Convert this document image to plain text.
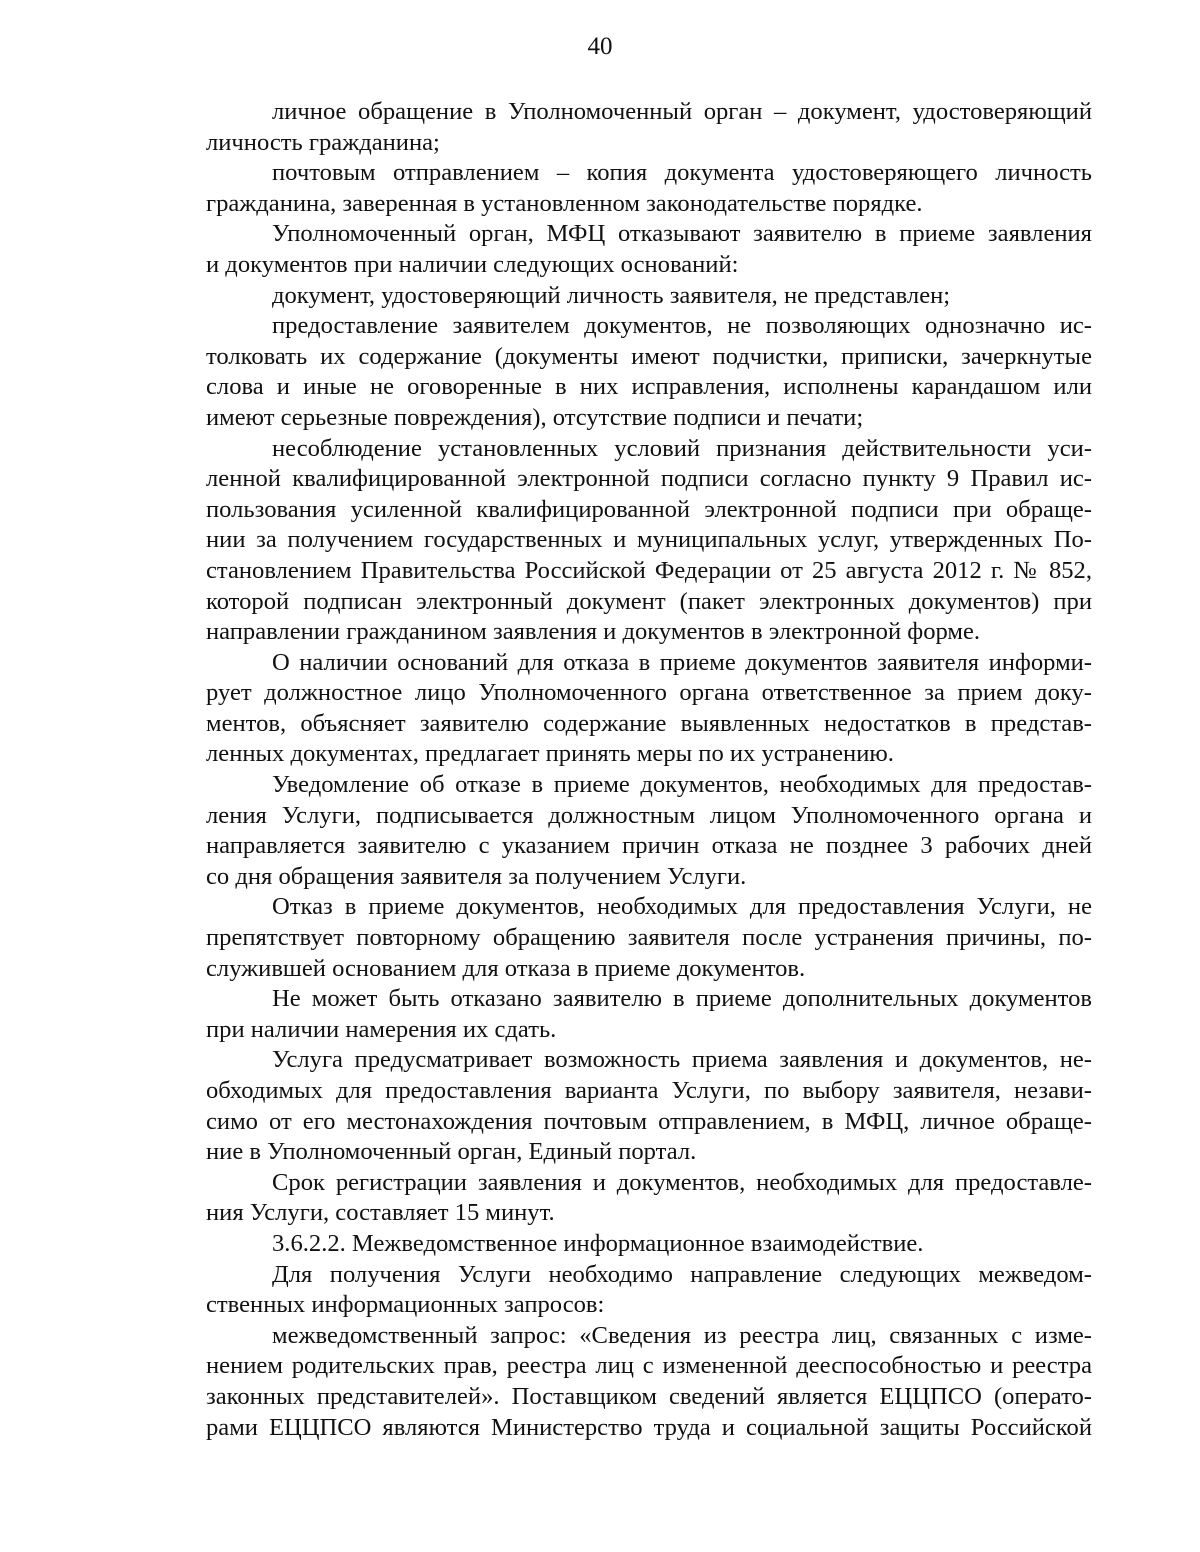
40
личное обращение в Уполномоченный орган – документ, удостоверяющий
личность гражданина;
почтовым отправлением – копия документа удостоверяющего личность
гражданина, заверенная в установленном законодательстве порядке.
Уполномоченный орган, МФЦ отказывают заявителю в приеме заявления
и документов при наличии следующих оснований:
документ, удостоверяющий личность заявителя, не представлен;
предоставление заявителем документов, не позволяющих однозначно ис-
толковать их содержание (документы имеют подчистки, приписки, зачеркнутые
слова и иные не оговоренные в них исправления, исполнены карандашом или
имеют серьезные повреждения), отсутствие подписи и печати;
несоблюдение установленных условий признания действительности уси-
ленной квалифицированной электронной подписи согласно пункту 9 Правил ис-
пользования усиленной квалифицированной электронной подписи при обраще-
нии за получением государственных и муниципальных услуг, утвержденных По-
становлением Правительства Российской Федерации от 25 августа 2012 г. № 852,
которой подписан электронный документ (пакет электронных документов) при
направлении гражданином заявления и документов в электронной форме.
О наличии оснований для отказа в приеме документов заявителя информи-
рует должностное лицо Уполномоченного органа ответственное за прием доку-
ментов, объясняет заявителю содержание выявленных недостатков в представ-
ленных документах, предлагает принять меры по их устранению.
Уведомление об отказе в приеме документов, необходимых для предостав-
ления Услуги, подписывается должностным лицом Уполномоченного органа и
направляется заявителю с указанием причин отказа не позднее 3 рабочих дней
со дня обращения заявителя за получением Услуги.
Отказ в приеме документов, необходимых для предоставления Услуги, не
препятствует повторному обращению заявителя после устранения причины, по-
служившей основанием для отказа в приеме документов.
Не может быть отказано заявителю в приеме дополнительных документов
при наличии намерения их сдать.
Услуга предусматривает возможность приема заявления и документов, не-
обходимых для предоставления варианта Услуги, по выбору заявителя, незави-
симо от его местонахождения почтовым отправлением, в МФЦ, личное обраще-
ние в Уполномоченный орган, Единый портал.
Срок регистрации заявления и документов, необходимых для предоставле-
ния Услуги, составляет 15 минут.
3.6.2.2. Межведомственное информационное взаимодействие.
Для получения Услуги необходимо направление следующих межведом-
ственных информационных запросов:
межведомственный запрос: «Сведения из реестра лиц, связанных с изме-
нением родительских прав, реестра лиц с измененной дееспособностью и реестра
законных представителей». Поставщиком сведений является ЕЦЦПСО (операто-
рами ЕЦЦПСО являются Министерство труда и социальной защиты Российской
